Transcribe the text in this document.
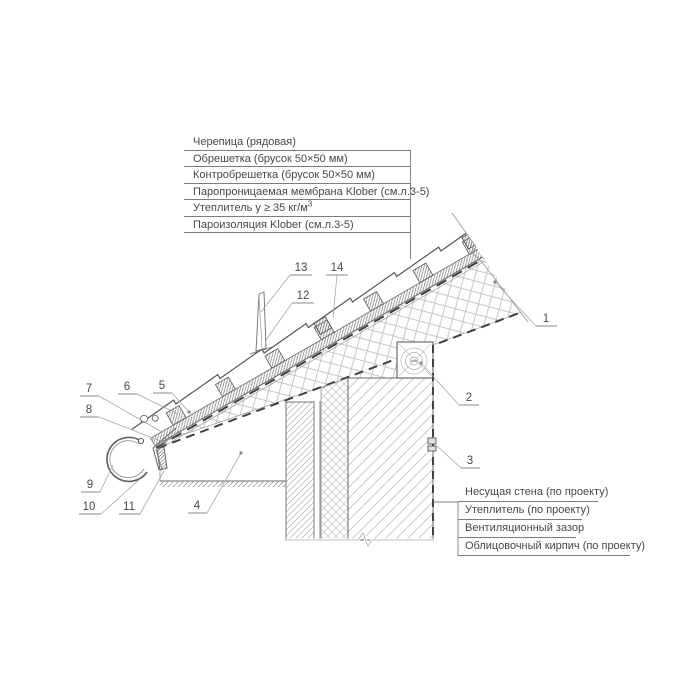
Черепица (рядовая)
Обрешетка (брусок 50×50 мм)
Контробрешетка (брусок 50×50 мм)
Паропроницаемая мембрана Klober (см.л.3-5)
Утеплитель у ≥ 35 $кг/м^3$
Пароизоляция Klober (см.л.3-5)
Несущая стена (по проекту)
Утеплитель (по проекту)
Вентиляционный зазор
Облицовочный кирпич (по проекту)
1
2
3
4
5
6
7
8
9
10 11
12
13 14
